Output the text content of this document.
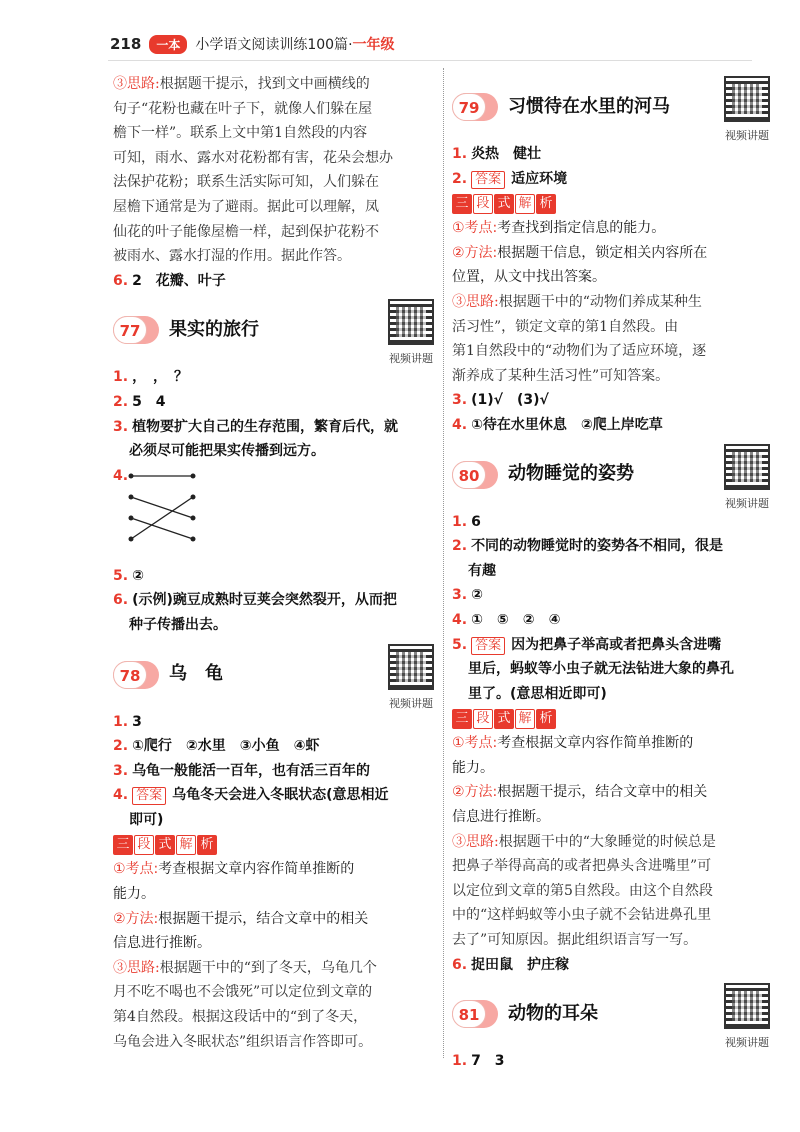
218	一本	小学语文阅读训练100篇·一年级
③思路:根据题干提示，找到文中画横线的
句子“花粉也藏在叶子下，就像人们躲在屋
檐下一样”。联系上文中第1自然段的内容
可知，雨水、露水对花粉都有害，花朵会想办
法保护花粉；联系生活实际可知，人们躲在
屋檐下通常是为了避雨。据此可以理解，凤
仙花的叶子能像屋檐一样，起到保护花粉不
被雨水、露水打湿的作用。据此作答。
6. 2　花瓣、叶子
77	果实的旅行
视频讲题
1. ，　，　？
2. 5　4
3. 植物要扩大自己的生存范围，繁育后代，就
必须尽可能把果实传播到远方。
4.
5. ②
6. (示例)豌豆成熟时豆荚会突然裂开，从而把
种子传播出去。
78	乌　龟
视频讲题
1. 3
2. ①爬行　②水里　③小鱼　④虾
3. 乌龟一般能活一百年，也有活三百年的
4. 答案 乌龟冬天会进入冬眠状态(意思相近
即可)
三 段 式 解 析
①考点:考查根据文章内容作简单推断的
能力。
②方法:根据题干提示，结合文章中的相关
信息进行推断。
③思路:根据题干中的“到了冬天，乌龟几个
月不吃不喝也不会饿死”可以定位到文章的
第4自然段。根据这段话中的“到了冬天，
乌龟会进入冬眠状态”组织语言作答即可。
79	习惯待在水里的河马
视频讲题
1. 炎热　健壮
2. 答案 适应环境
三 段 式 解 析
①考点:考查找到指定信息的能力。
②方法:根据题干信息，锁定相关内容所在
位置，从文中找出答案。
③思路:根据题干中的“动物们养成某种生
活习性”，锁定文章的第1自然段。由
第1自然段中的“动物们为了适应环境，逐
渐养成了某种生活习性”可知答案。
3. (1)√　(3)√
4. ①待在水里休息　②爬上岸吃草
80	动物睡觉的姿势
视频讲题
1. 6
2. 不同的动物睡觉时的姿势各不相同，很是
有趣
3. ②
4. ①　⑤　②　④
5. 答案 因为把鼻子举高或者把鼻头含进嘴
里后，蚂蚁等小虫子就无法钻进大象的鼻孔
里了。(意思相近即可)
三 段 式 解 析
①考点:考查根据文章内容作简单推断的
能力。
②方法:根据题干提示，结合文章中的相关
信息进行推断。
③思路:根据题干中的“大象睡觉的时候总是
把鼻子举得高高的或者把鼻头含进嘴里”可
以定位到文章的第5自然段。由这个自然段
中的“这样蚂蚁等小虫子就不会钻进鼻孔里
去了”可知原因。据此组织语言写一写。
6. 捉田鼠　护庄稼
81	动物的耳朵
视频讲题
1. 7　3
